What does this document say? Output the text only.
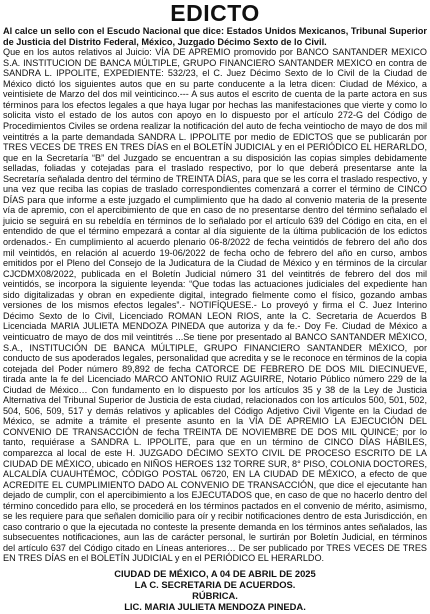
EDICTO

Al calce un sello con el Escudo Nacional que dice: Estados Unidos Mexicanos, Tribunal Superior de Justicia del Distrito Federal, México, Juzgado Décimo Sexto de lo Civil.

Que en los autos relativos al Juicio: VÍA DE APREMIO promovido por BANCO SANTANDER MEXICO S.A. INSTITUCION DE BANCA MÚLTIPLE, GRUPO FINANCIERO SANTANDER MEXICO en contra de SANDRA L. IPPOLITE, EXPEDIENTE: 532/23, el C. Juez Décimo Sexto de lo Civil de la Ciudad de México dictó los siguientes autos que en su parte conducente a la letra dicen: Ciudad de México, a veintisiete de Marzo del dos mil veinticinco.--- A sus autos el escrito de cuenta de la parte actora en sus términos para los efectos legales a que haya lugar por hechas las manifestaciones que vierte y como lo solicita visto el estado de los autos con apoyo en lo dispuesto por el artículo 272-G del Código de Procedimientos Civiles se ordena realizar la notificación del auto de fecha veintiocho de mayo de dos mil veintitrés a la parte demandada SANDRA L. IPPOLITE por medio de EDICTOS que se publicarán por TRES VECES DE TRES EN TRES DÍAS en el BOLETÍN JUDICIAL y en el PERIÓDICO EL HERARLDO, que en la Secretaría “B” del Juzgado se encuentran a su disposición las copias simples debidamente selladas, foliadas y cotejadas para el traslado respectivo, por lo que deberá presentarse ante la Secretaría señalada dentro del término de TREINTA DÍAS, para que se les corra el traslado respectivo, y una vez que reciba las copias de traslado correspondientes comenzará a correr el término de CINCO DÍAS para que informe a este juzgado el cumplimiento que ha dado al convenio materia de la presente vía de apremio, con el apercibimiento de que en caso de no presentarse dentro del término señalado el juicio se seguirá en su rebeldía en términos de lo señalado por el artículo 639 del Código en cita, en el entendido de que el término empezará a contar al día siguiente de la última publicación de los edictos ordenados.- En cumplimiento al acuerdo plenario 06-8/2022 de fecha veintidós de febrero del año dos mil veintidós, en relación al acuerdo 19-06/2022 de fecha ocho de febrero del año en curso, ambos emitidos por el Pleno del Consejo de la Judicatura de la Ciudad de México y en términos de la circular CJCDMX08/2022, publicada en el Boletín Judicial número 31 del veintitrés de febrero del dos mil veintidós, se incorpora la siguiente leyenda: “Que todas las actuaciones judiciales del expediente han sido digitalizadas y obran en expediente digital, integrado fielmente como el físico, gozando ambas versiones de los mismos efectos legales”.- NOTIFÍQUESE.- Lo proveyó y firma el C. Juez Interino Décimo Sexto de lo Civil, Licenciado ROMAN LEON RIOS, ante la C. Secretaria de Acuerdos B Licenciada MARIA JULIETA MENDOZA PINEDA que autoriza y da fe.- Doy Fe. Ciudad de México a veinticuatro de mayo de dos mil veintitrés ...Se tiene por presentado al BANCO SANTANDER MÉXICO, S.A., INSTITUCIÓN DE BANCA MÚLTIPLE, GRUPO FINANCIERO SANTANDER MÉXICO, por conducto de sus apoderados legales, personalidad que acredita y se le reconoce en términos de la copia cotejada del Poder número 89,892 de fecha CATORCE DE FEBRERO DE DOS MIL DIECINUEVE, tirada ante la fe del Licenciado MARCO ANTONIO RUIZ AGUIRRE, Notario Público número 229 de la Ciudad de México… Con fundamento en lo dispuesto por los artículos 35 y 38 de la Ley de Justicia Alternativa del Tribunal Superior de Justicia de esta ciudad, relacionados con los artículos 500, 501, 502, 504, 506, 509, 517 y demás relativos y aplicables del Código Adjetivo Civil Vigente en la Ciudad de México, se admite a trámite el presente asunto en la VÍA DE APREMIO LA EJECUCIÓN DEL CONVENIO DE TRANSACCIÓN de fecha TREINTA DE NOVIEMBRE DE DOS MIL QUINCE; por lo tanto, requiérase a SANDRA L. IPPOLITE, para que en un término de CINCO DÍAS HÁBILES, comparezca al local de este H. JUZGADO DÉCIMO SEXTO CIVIL DE PROCESO ESCRITO DE LA CIUDAD DE MÉXICO, ubicado en NIÑOS HEROES 132 TORRE SUR, 8° PISO, COLONIA DOCTORES, ALCALDÍA CUAUHTÉMOC, CÓDIGO POSTAL 06720, EN LA CIUDAD DE MÉXICO, a efecto de que ACREDITE EL CUMPLIMIENTO DADO AL CONVENIO DE TRANSACCIÓN, que dice el ejecutante han dejado de cumplir, con el apercibimiento a los EJECUTADOS que, en caso de que no hacerlo dentro del término concedido para ello, se procederá en los términos pactados en el convenio de mérito, asimismo, se les requiere para que señalen domicilio para oír y recibir notificaciones dentro de esta Jurisdicción, en caso contrario o que la ejecutada no conteste la presente demanda en los términos antes señalados, las subsecuentes notificaciones, aun las de carácter personal, le surtirán por Boletín Judicial, en términos del artículo 637 del Código citado en Líneas anteriores… De ser publicado por TRES VECES DE TRES EN TRES DÍAS en el BOLETÍN JUDICIAL y en el PERIÓDICO EL HERARLDO.

CIUDAD DE MÉXICO, A 04 DE ABRIL DE 2025
LA C. SECRETARIA DE ACUERDOS.
RÚBRICA.
LIC. MARIA JULIETA MENDOZA PINEDA.
